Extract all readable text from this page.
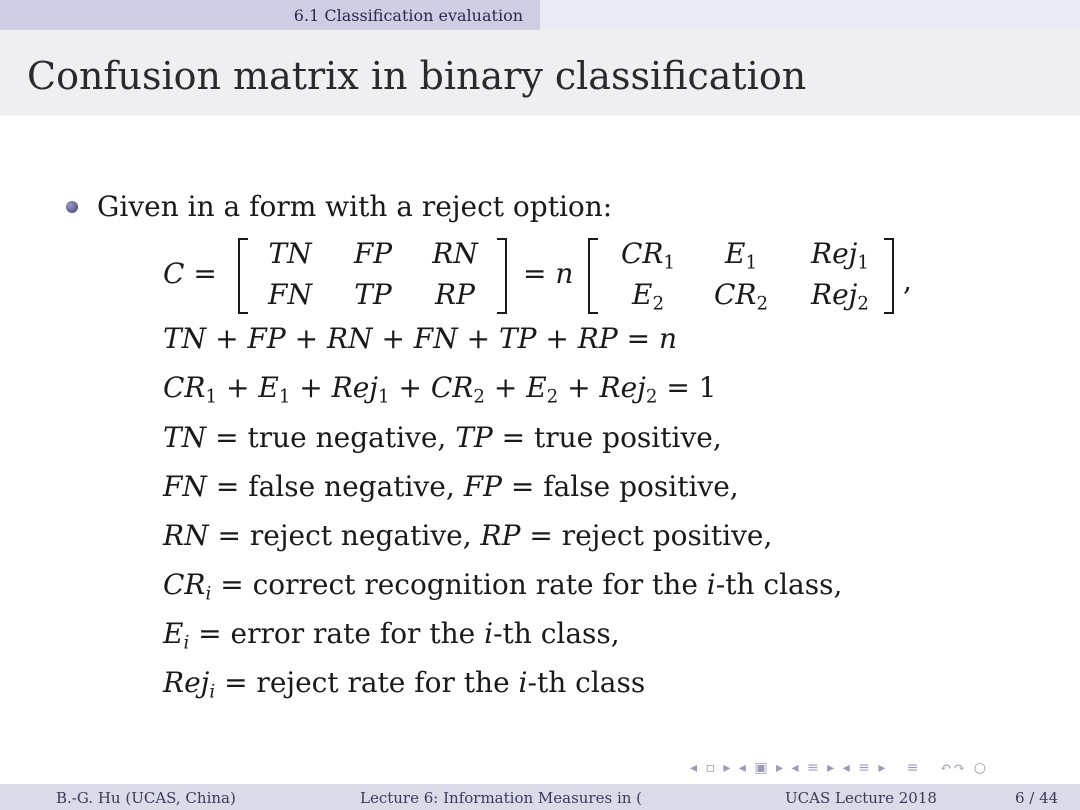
6.1 Classification evaluation
Confusion matrix in binary classification
Given in a form with a reject option:
C =
TN	FP	RN
FN	TP	RP
= n
$CR_1$	$E_1$	Rej$_1$
$E_2$	$CR_2$	Rej$_2$
,
TN + FP + RN + FN + TP + RP = n
$CR_1 + E_1 + Rej_1 + CR_2 + E_2 + Rej_2 = 1$
TN = true negative, TP = true positive,
FN = false negative, FP = false positive,
RN = reject negative, RP = reject positive,
$CR_i$ = correct recognition rate for the i-th class,
$E_i$ = error rate for the i-th class,
Rej$_i$ = reject rate for the i-th class
◂ ▫ ▸ ◂ ▣ ▸ ◂ ≡ ▸ ◂ ≡ ▸   ≡   ↶↷ ○
B.-G. Hu (UCAS, China)	Lecture 6: Information Measures in (	UCAS Lecture 2018	6 / 44
